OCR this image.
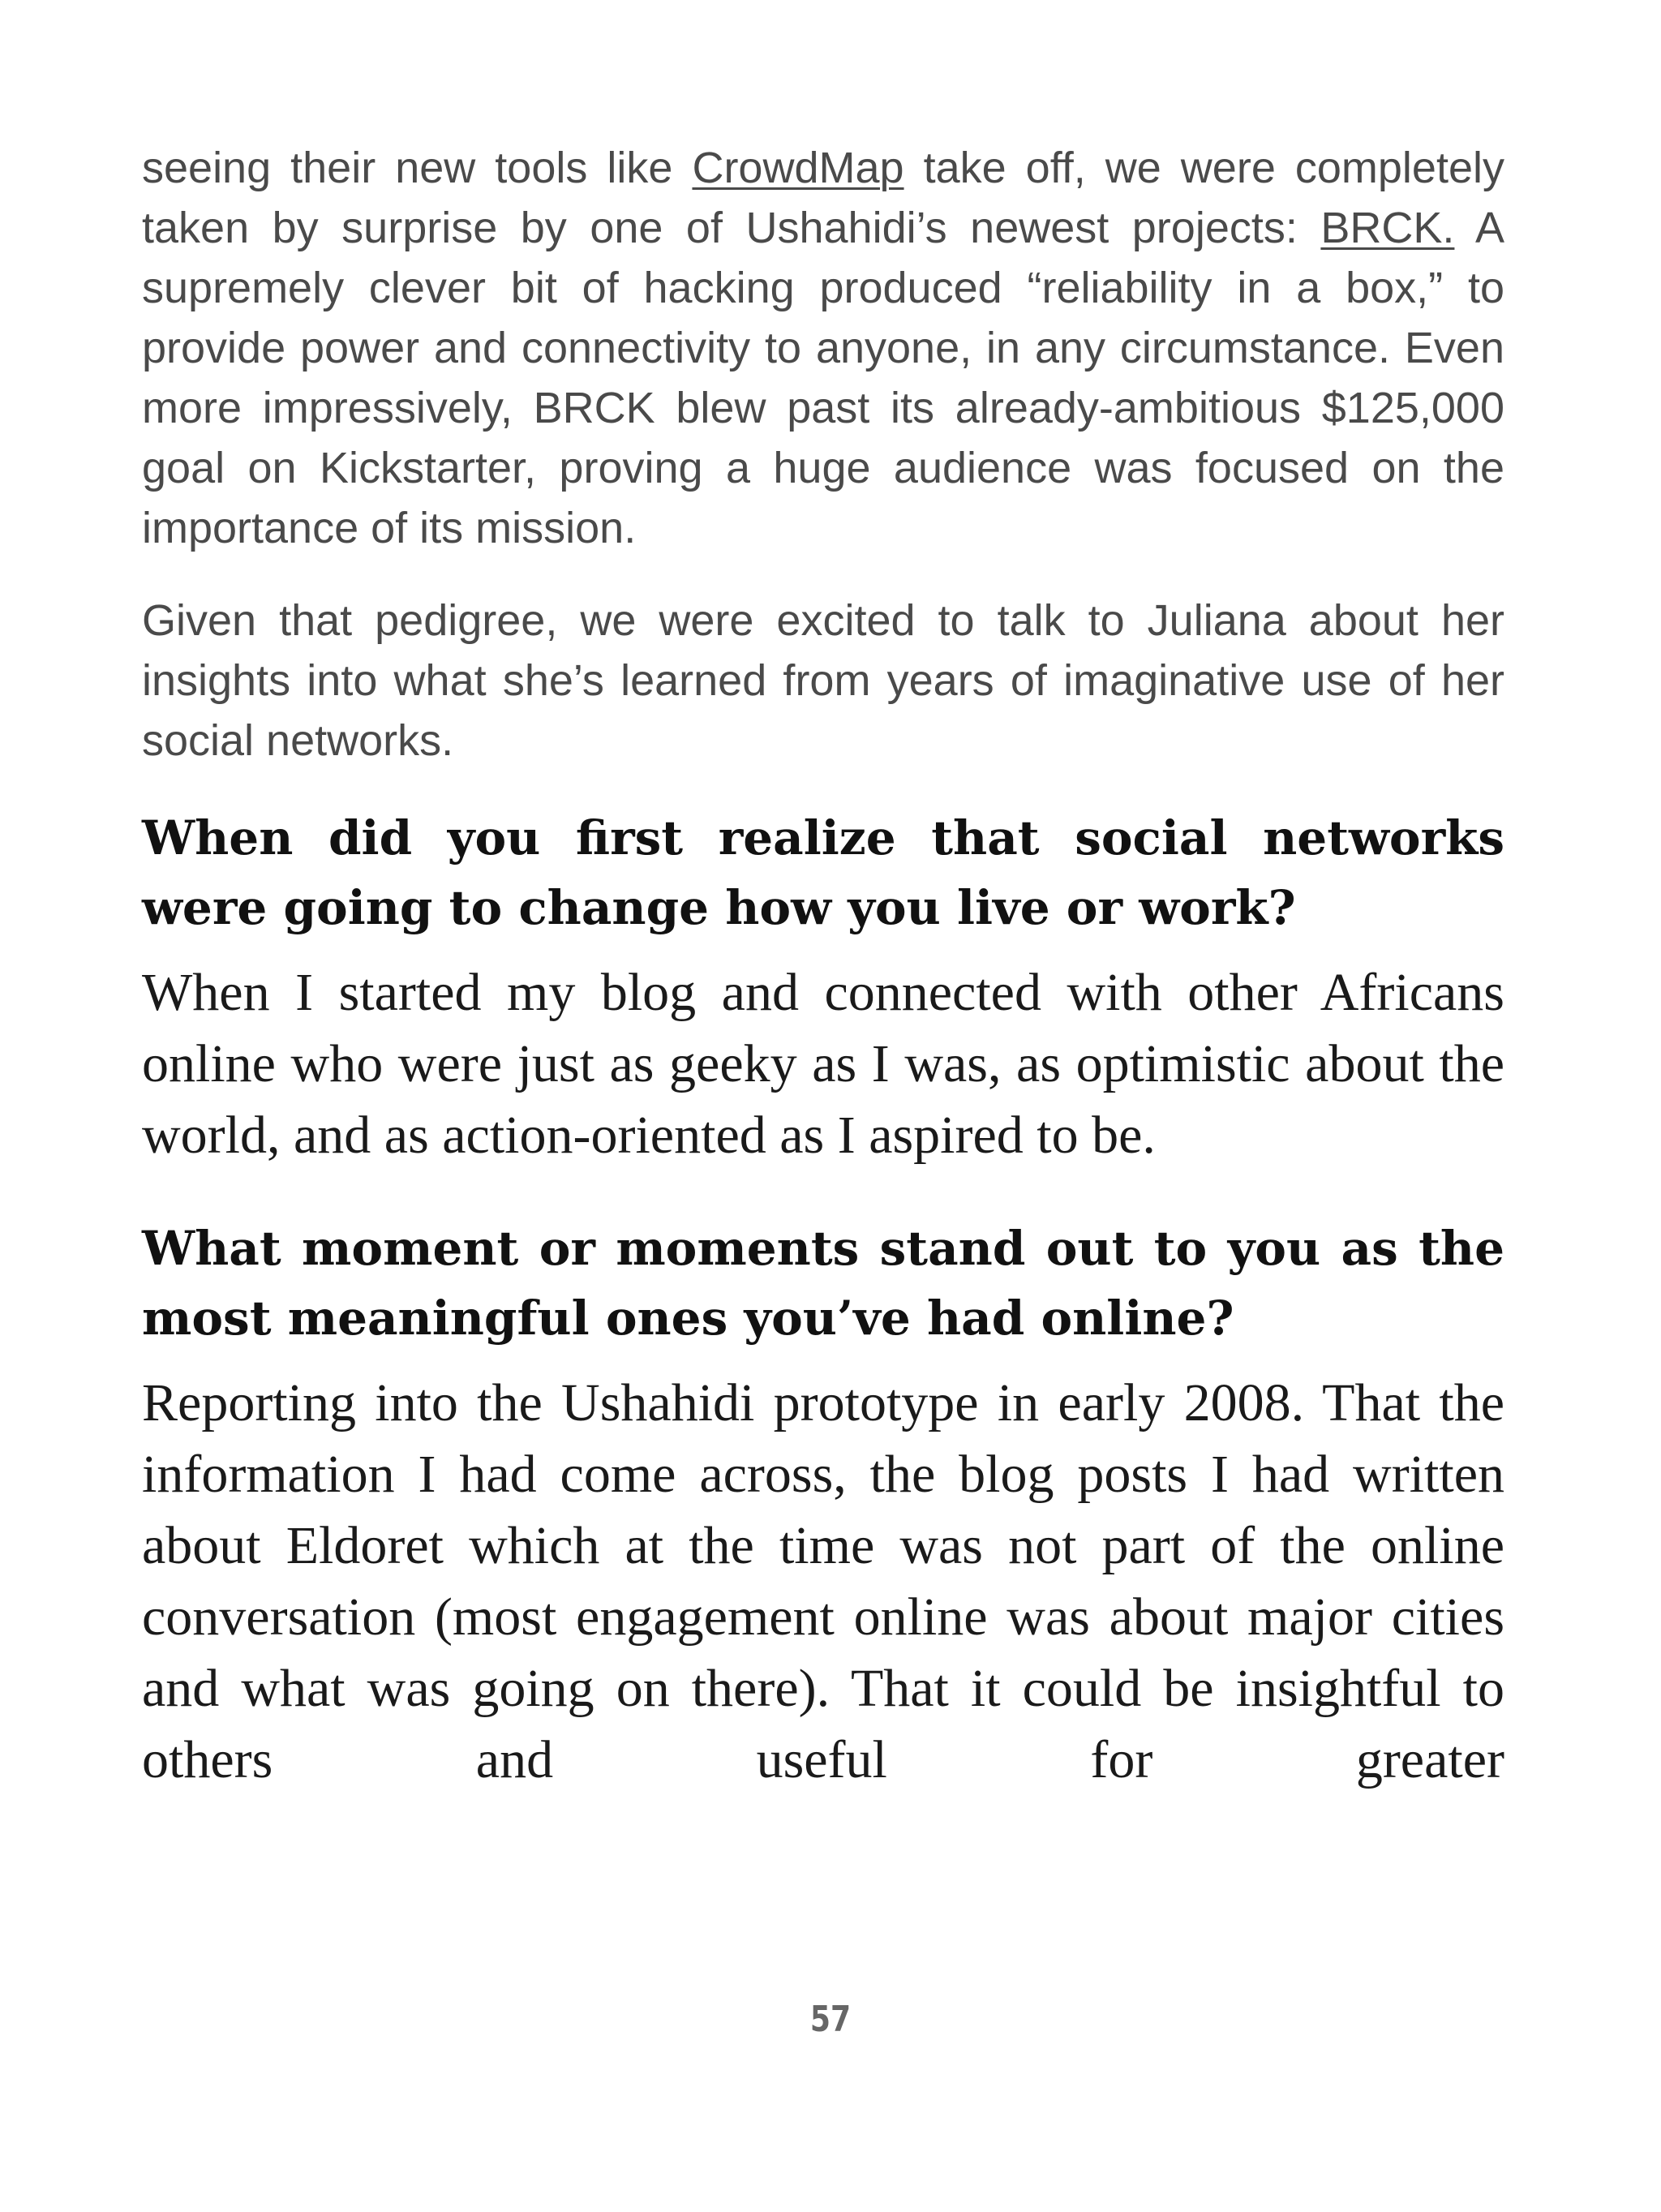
seeing their new tools like CrowdMap take off, we were completely taken by surprise by one of Ushahidi’s newest projects: BRCK. A supremely clever bit of hacking produced “reliability in a box,” to provide power and connectivity to anyone, in any circumstance. Even more impressively, BRCK blew past its already-ambitious $125,000 goal on Kickstarter, proving a huge audience was focused on the importance of its mission.

Given that pedigree, we were excited to talk to Juliana about her insights into what she’s learned from years of imaginative use of her social networks.

When did you first realize that social networks were going to change how you live or work?

When I started my blog and connected with other Africans online who were just as geeky as I was, as optimistic about the world, and as action-oriented as I aspired to be.

What moment or moments stand out to you as the most meaningful ones you’ve had online?

Reporting into the Ushahidi prototype in early 2008. That the information I had come across, the blog posts I had written about Eldoret which at the time was not part of the online conversation (most engagement online was about major cities and what was going on there). That it could be insightful to others and useful for greater

57
